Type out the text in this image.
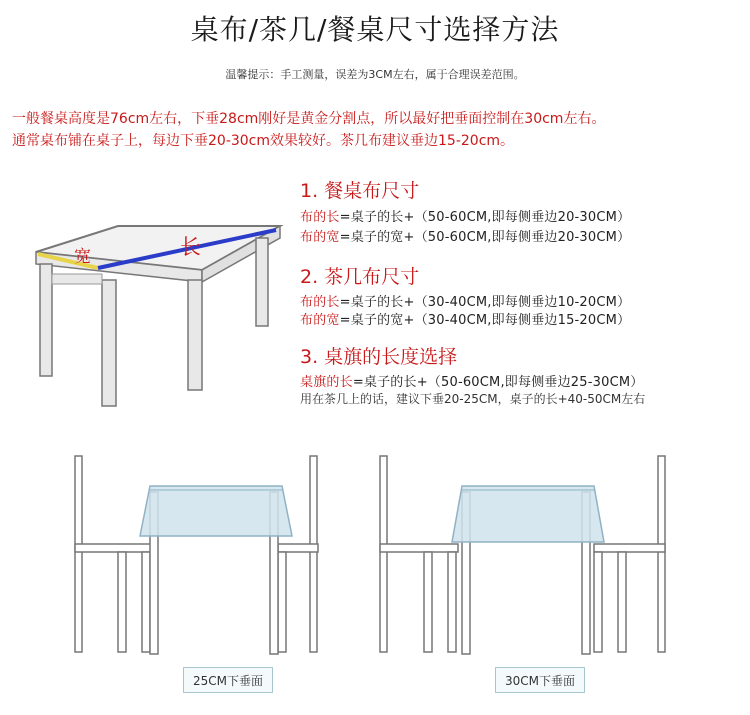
桌布/茶几/餐桌尺寸选择方法
温馨提示：手工测量，误差为3CM左右，属于合理误差范围。
一般餐桌高度是76cm左右，下垂28cm刚好是黄金分割点，所以最好把垂面控制在30cm左右。
通常桌布铺在桌子上，每边下垂20-30cm效果较好。茶几布建议垂边15-20cm。
宽	长
1. 餐桌布尺寸
布的长=桌子的长+（50-60CM,即每侧垂边20-30CM）
布的宽=桌子的宽+（50-60CM,即每侧垂边20-30CM）
2. 茶几布尺寸
布的长=桌子的长+（30-40CM,即每侧垂边10-20CM）
布的宽=桌子的宽+（30-40CM,即每侧垂边15-20CM）
3. 桌旗的长度选择
桌旗的长=桌子的长+（50-60CM,即每侧垂边25-30CM）
用在茶几上的话，建议下垂20-25CM，桌子的长+40-50CM左右
25CM下垂面	30CM下垂面
